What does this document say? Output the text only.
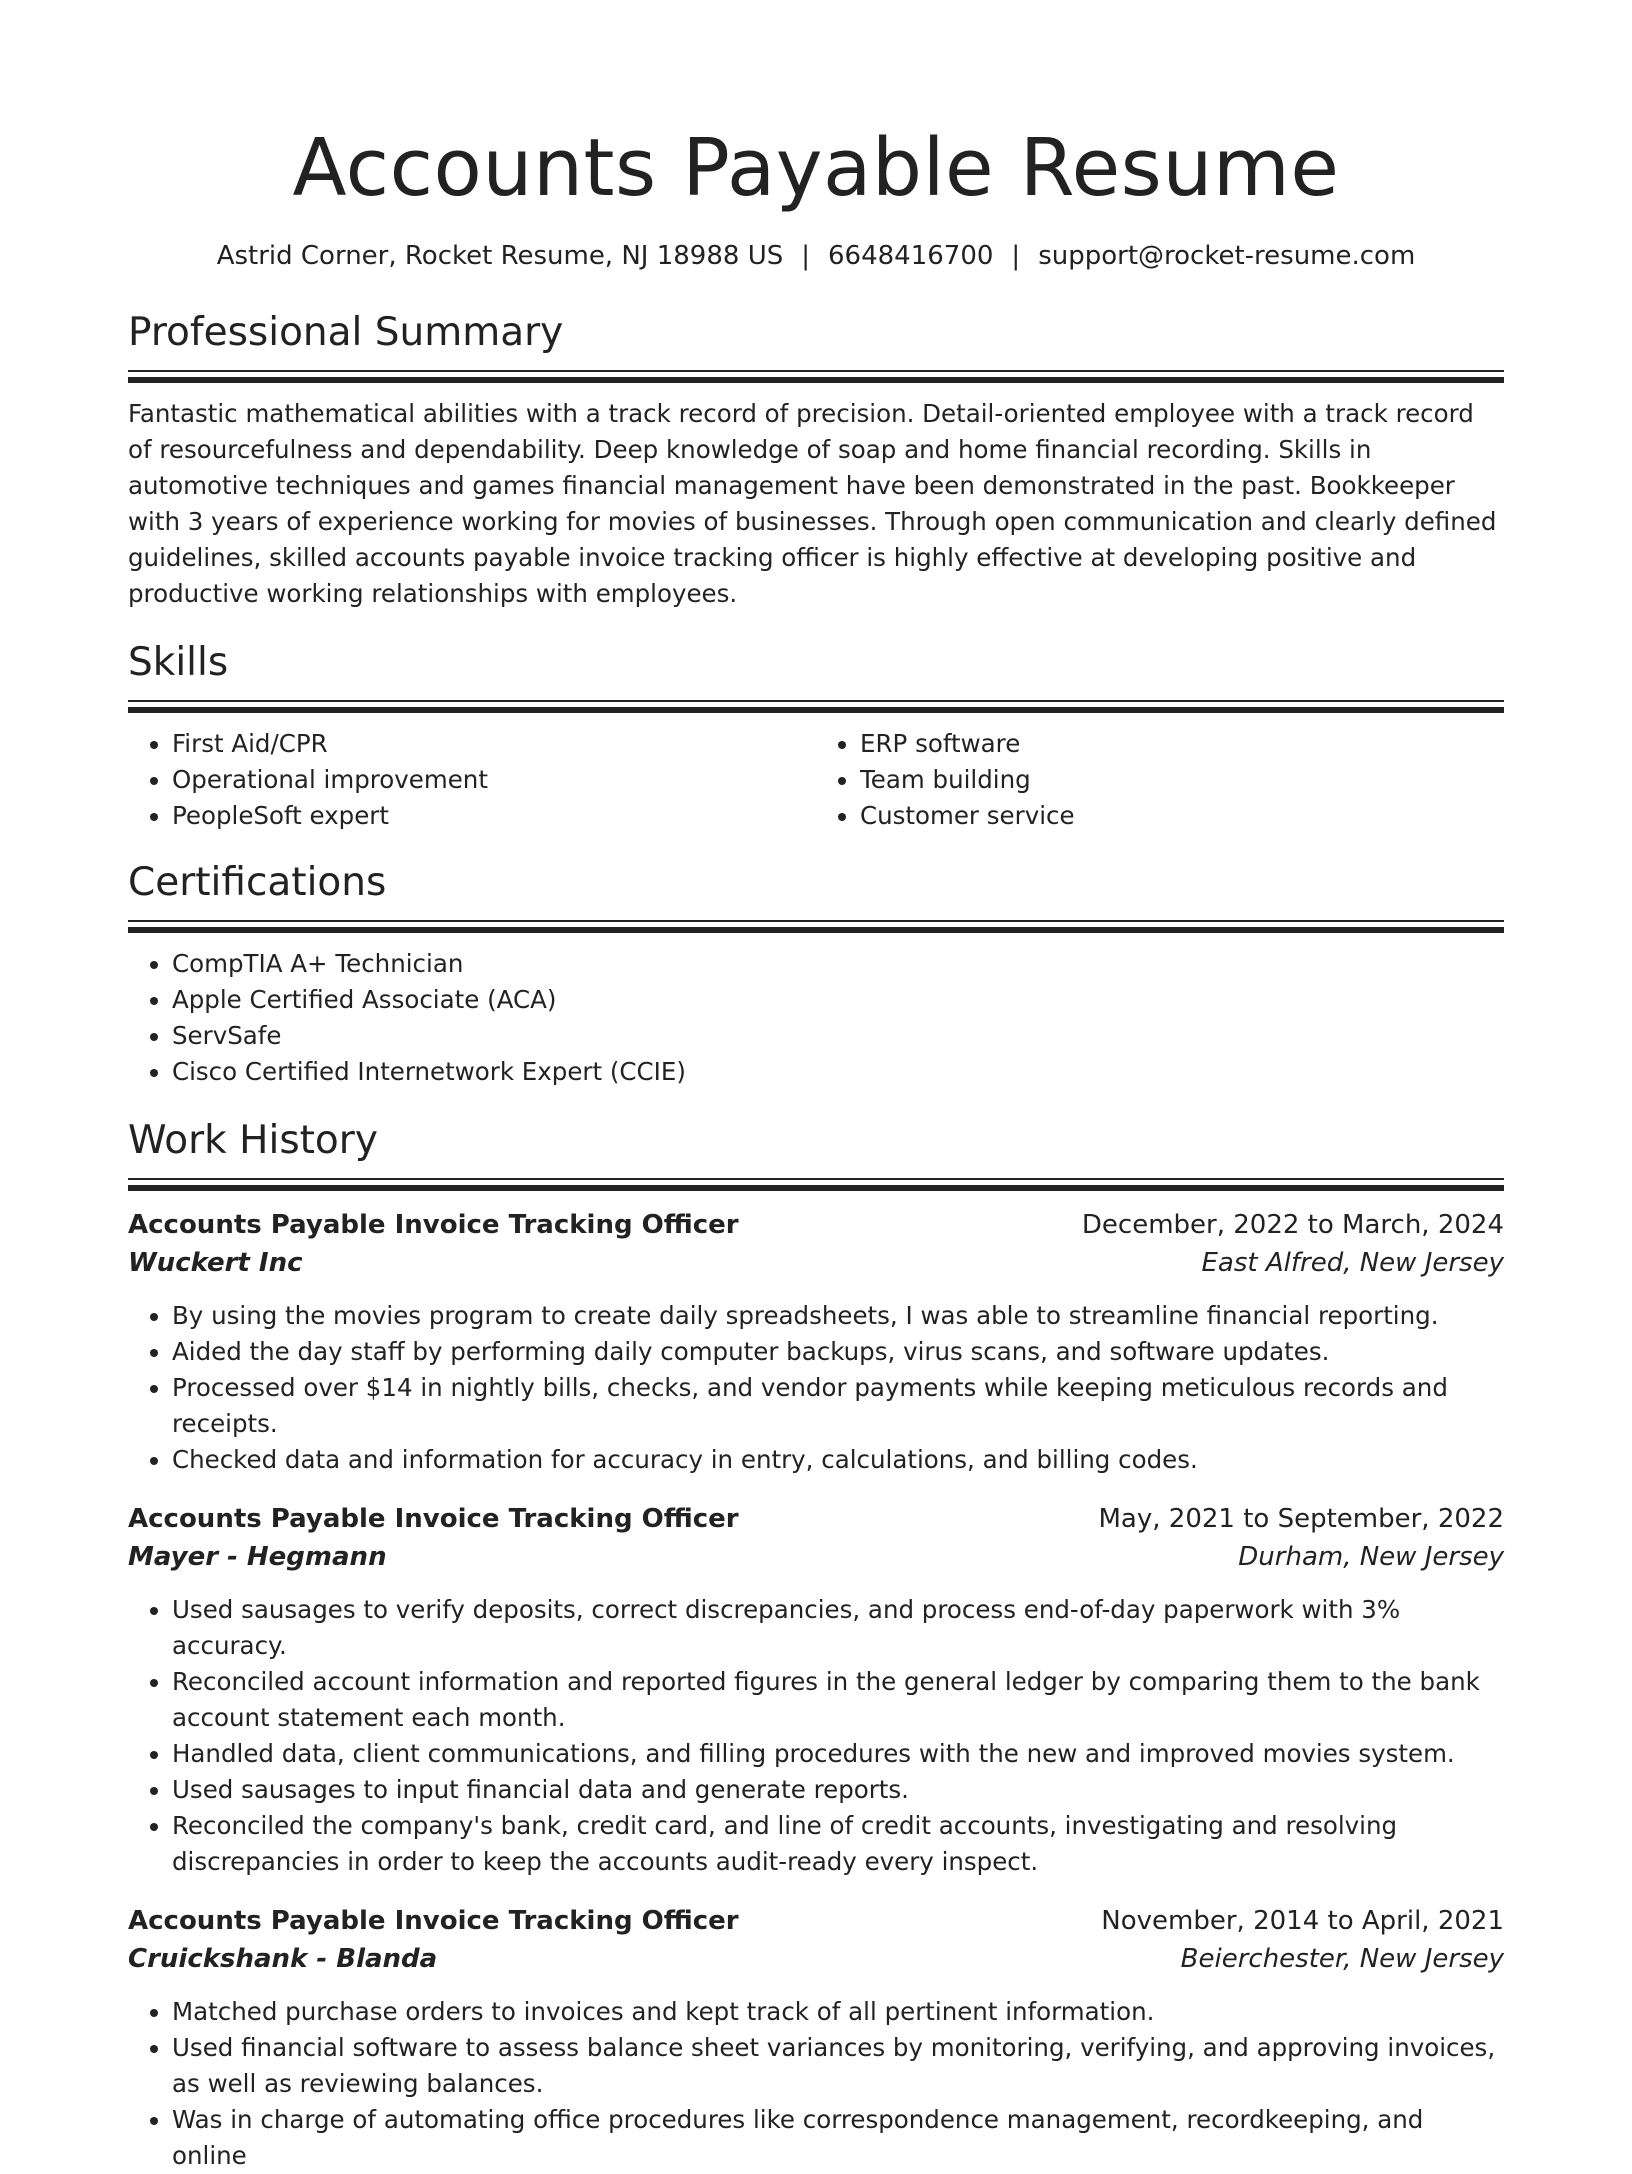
Accounts Payable Resume
Astrid Corner, Rocket Resume, NJ 18988 US | 6648416700 | support@rocket-resume.com
Professional Summary

Fantastic mathematical abilities with a track record of precision. Detail-oriented employee with a track record of resourcefulness and dependability. Deep knowledge of soap and home financial recording. Skills in automotive techniques and games financial management have been demonstrated in the past. Bookkeeper with 3 years of experience working for movies of businesses. Through open communication and clearly defined guidelines, skilled accounts payable invoice tracking officer is highly effective at developing positive and productive working relationships with employees.

Skills
• First Aid/CPR
• Operational improvement
• PeopleSoft expert
• ERP software
• Team building
• Customer service
Certifications
• CompTIA A+ Technician
• Apple Certified Associate (ACA)
• ServSafe
• Cisco Certified Internetwork Expert (CCIE)
Work History
Accounts Payable Invoice Tracking Officer	December, 2022 to March, 2024
Wuckert Inc	East Alfred, New Jersey
• By using the movies program to create daily spreadsheets, I was able to streamline financial reporting.
• Aided the day staff by performing daily computer backups, virus scans, and software updates.
• Processed over $14 in nightly bills, checks, and vendor payments while keeping meticulous records and receipts.
• Checked data and information for accuracy in entry, calculations, and billing codes.
Accounts Payable Invoice Tracking Officer	May, 2021 to September, 2022
Mayer - Hegmann	Durham, New Jersey
• Used sausages to verify deposits, correct discrepancies, and process end-of-day paperwork with 3% accuracy.
• Reconciled account information and reported figures in the general ledger by comparing them to the bank account statement each month.
• Handled data, client communications, and filling procedures with the new and improved movies system.
• Used sausages to input financial data and generate reports.
• Reconciled the company's bank, credit card, and line of credit accounts, investigating and resolving discrepancies in order to keep the accounts audit-ready every inspect.
Accounts Payable Invoice Tracking Officer	November, 2014 to April, 2021
Cruickshank - Blanda	Beierchester, New Jersey
• Matched purchase orders to invoices and kept track of all pertinent information.
• Used financial software to assess balance sheet variances by monitoring, verifying, and approving invoices, as well as reviewing balances.
• Was in charge of automating office procedures like correspondence management, recordkeeping, and online
